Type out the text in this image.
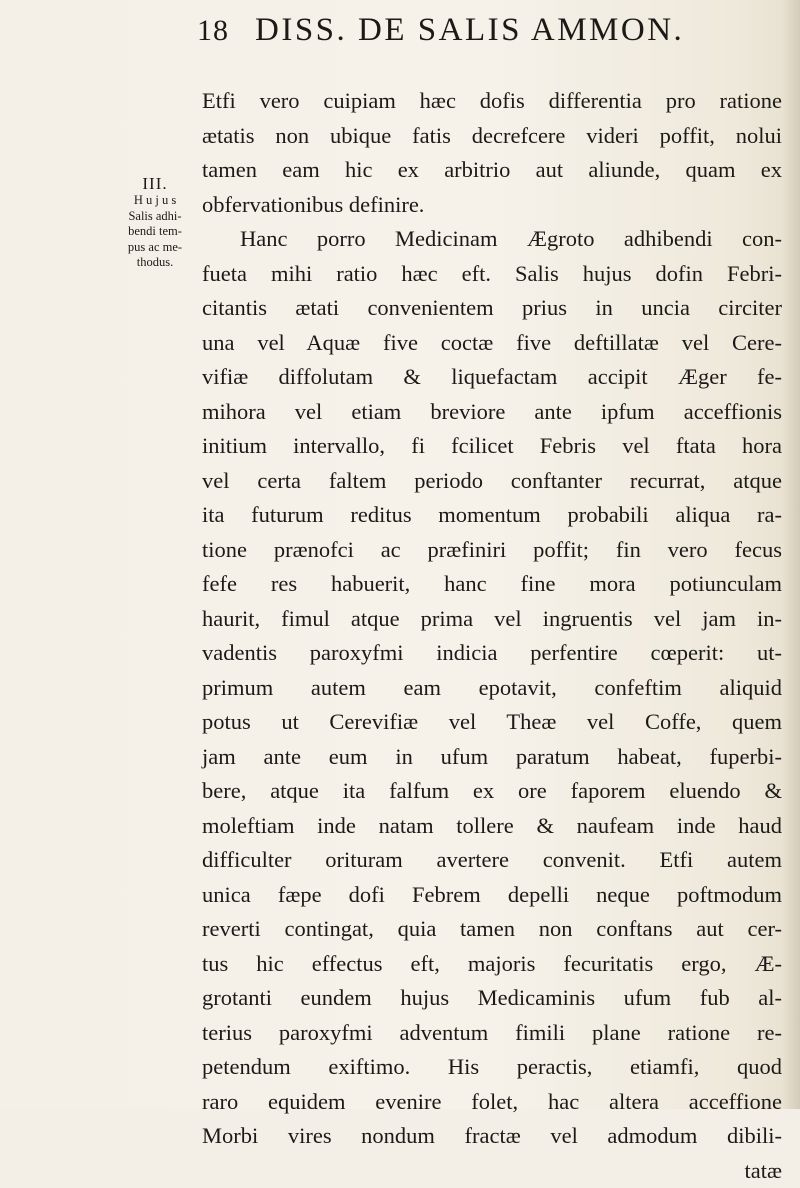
18 DISS. DE SALIS AMMON.
III.
H u j u s
Salis adhi-
bendi tem-
pus ac me-
thodus.
Etfi vero cuipiam hæc dofis differentia pro ratione
ætatis non ubique fatis decrefcere videri poffit, nolui
tamen eam hic ex arbitrio aut aliunde, quam ex
obfervationibus definire.
Hanc porro Medicinam Ægroto adhibendi con-
fueta mihi ratio hæc eft. Salis hujus dofin Febri-
citantis ætati convenientem prius in uncia circiter
una vel Aquæ five coctæ five deftillatæ vel Cere-
vifiæ diffolutam & liquefactam accipit Æger fe-
mihora vel etiam breviore ante ipfum acceffionis
initium intervallo, fi fcilicet Febris vel ftata hora
vel certa faltem periodo conftanter recurrat, atque
ita futurum reditus momentum probabili aliqua ra-
tione prænofci ac præfiniri poffit; fin vero fecus
fefe res habuerit, hanc fine mora potiunculam
haurit, fimul atque prima vel ingruentis vel jam in-
vadentis paroxyfmi indicia perfentire cœperit: ut-
primum autem eam epotavit, confeftim aliquid
potus ut Cerevifiæ vel Theæ vel Coffe, quem
jam ante eum in ufum paratum habeat, fuperbi-
bere, atque ita falfum ex ore faporem eluendo &
moleftiam inde natam tollere & naufeam inde haud
difficulter orituram avertere convenit. Etfi autem
unica fæpe dofi Febrem depelli neque poftmodum
reverti contingat, quia tamen non conftans aut cer-
tus hic effectus eft, majoris fecuritatis ergo, Æ-
grotanti eundem hujus Medicaminis ufum fub al-
terius paroxyfmi adventum fimili plane ratione re-
petendum exiftimo. His peractis, etiamfi, quod
raro equidem evenire folet, hac altera acceffione
Morbi vires nondum fractæ vel admodum dibili-
tatæ
